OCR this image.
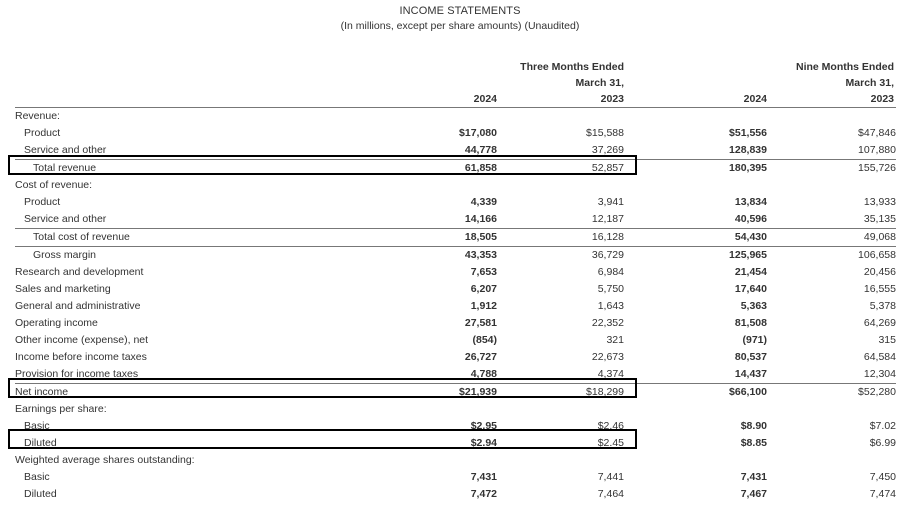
INCOME STATEMENTS
(In millions, except per share amounts) (Unaudited)
Three Months Ended
March 31,
Nine Months Ended
March 31,
2024	2023	2024	2023
Revenue:				
Product	$17,080	$15,588	$51,556	$47,846
Service and other	44,778	37,269	128,839	107,880
Total revenue	61,858	52,857	180,395	155,726
Cost of revenue:				
Product	4,339	3,941	13,834	13,933
Service and other	14,166	12,187	40,596	35,135
Total cost of revenue	18,505	16,128	54,430	49,068
Gross margin	43,353	36,729	125,965	106,658
Research and development	7,653	6,984	21,454	20,456
Sales and marketing	6,207	5,750	17,640	16,555
General and administrative	1,912	1,643	5,363	5,378
Operating income	27,581	22,352	81,508	64,269
Other income (expense), net	(854)	321	(971)	315
Income before income taxes	26,727	22,673	80,537	64,584
Provision for income taxes	4,788	4,374	14,437	12,304
Net income	$21,939	$18,299	$66,100	$52,280
Earnings per share:				
Basic	$2.95	$2.46	$8.90	$7.02
Diluted	$2.94	$2.45	$8.85	$6.99
Weighted average shares outstanding:				
Basic	7,431	7,441	7,431	7,450
Diluted	7,472	7,464	7,467	7,474
